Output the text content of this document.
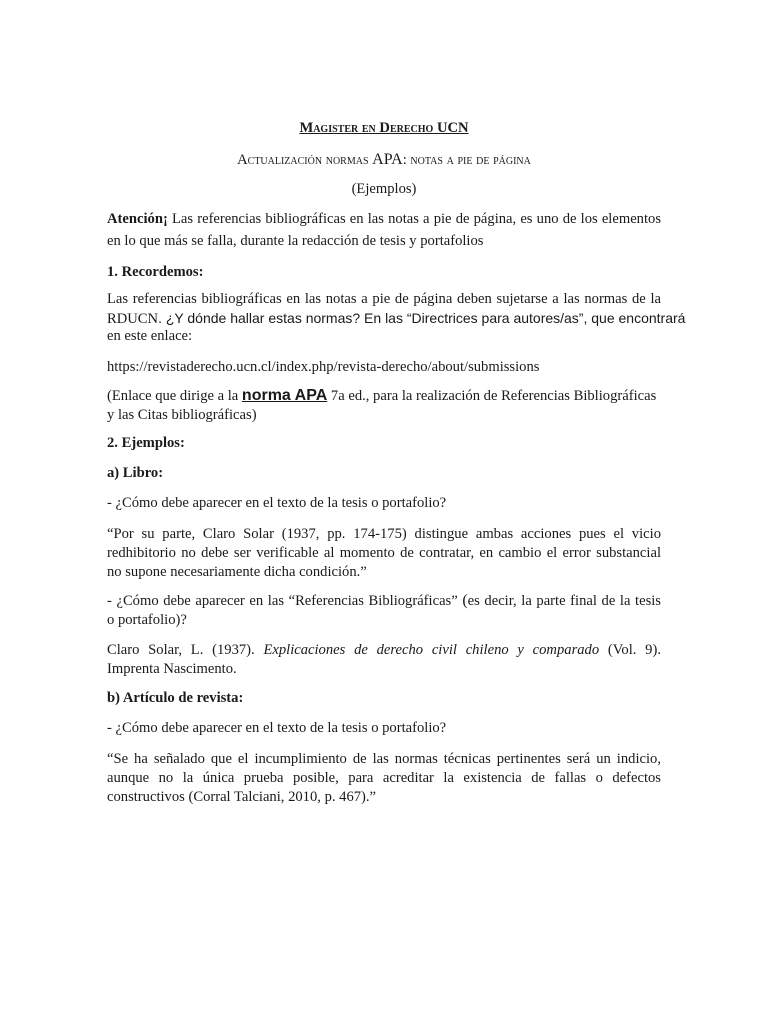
Magister en Derecho UCN
Actualización normas APA: notas a pie de página
(Ejemplos)
Atención¡ Las referencias bibliográficas en las notas a pie de página, es uno de los elementos
en lo que más se falla, durante la redacción de tesis y portafolios
1. Recordemos:
Las referencias bibliográficas en las notas a pie de página deben sujetarse a las normas de la
RDUCN. ¿Y dónde hallar estas normas? En las “Directrices para autores/as”, que encontrará
en este enlace:
https://revistaderecho.ucn.cl/index.php/revista-derecho/about/submissions
(Enlace que dirige a la norma APA 7a ed., para la realización de Referencias Bibliográficas
y las Citas bibliográficas)
2. Ejemplos:
a) Libro:
- ¿Cómo debe aparecer en el texto de la tesis o portafolio?
“Por su parte, Claro Solar (1937, pp. 174-175) distingue ambas acciones pues el vicio
redhibitorio no debe ser verificable al momento de contratar, en cambio el error substancial
no supone necesariamente dicha condición.”
- ¿Cómo debe aparecer en las “Referencias Bibliográficas” (es decir, la parte final de la tesis
o portafolio)?
Claro Solar, L. (1937). Explicaciones de derecho civil chileno y comparado (Vol. 9).
Imprenta Nascimento.
b) Artículo de revista:
- ¿Cómo debe aparecer en el texto de la tesis o portafolio?
“Se ha señalado que el incumplimiento de las normas técnicas pertinentes será un indicio,
aunque no la única prueba posible, para acreditar la existencia de fallas o defectos
constructivos (Corral Talciani, 2010, p. 467).”
